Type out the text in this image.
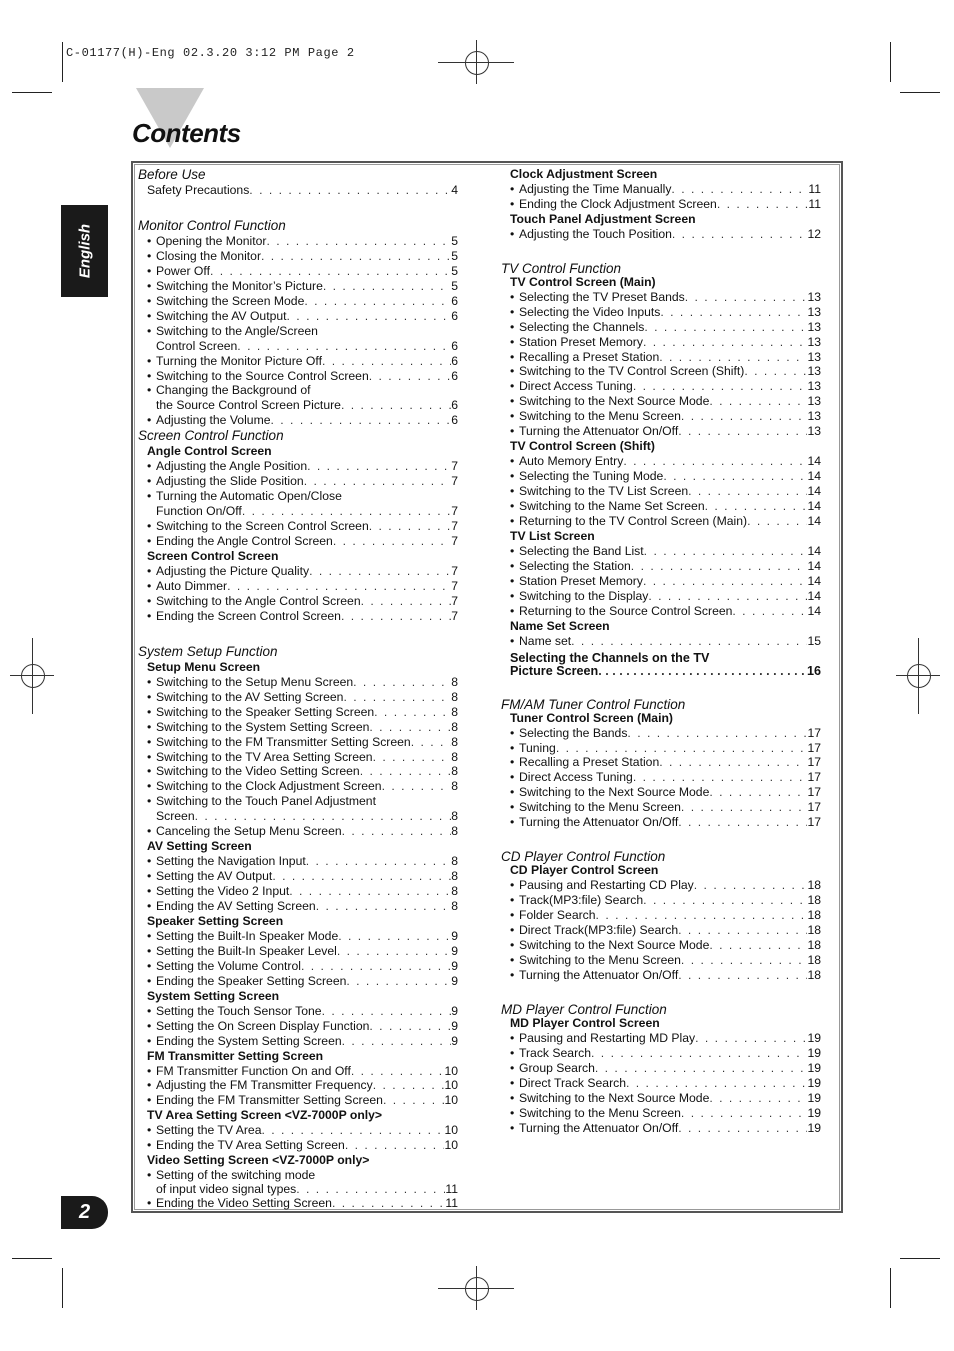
C-01177(H)-Eng 02.3.20 3:12 PM Page 2
Contents
English
Before Use
Safety Precautions . . .	4
Monitor Control Function
• Opening the Monitor . . .	5
• Closing the Monitor . . .	5
• Power Off . . .	5
• Switching the Monitor’s Picture . . .	5
• Switching the Screen Mode . . .	6
• Switching the AV Output . . .	6
• Switching to the Angle/Screen
Control Screen . . .	6
• Turning the Monitor Picture Off . . .	6
• Switching to the Source Control Screen . . .	6
• Changing the Background of
the Source Control Screen Picture . . .	6
• Adjusting the Volume . . .	6
Screen Control Function
Angle Control Screen
• Adjusting the Angle Position . . .	7
• Adjusting the Slide Position . . .	7
• Turning the Automatic Open/Close
Function On/Off . . .	7
• Switching to the Screen Control Screen . . .	7
• Ending the Angle Control Screen . . .	7
Screen Control Screen
• Adjusting the Picture Quality . . .	7
• Auto Dimmer . . .	7
• Switching to the Angle Control Screen . . .	7
• Ending the Screen Control Screen . . .	7
System Setup Function
Setup Menu Screen
• Switching to the Setup Menu Screen . . .	8
• Switching to the AV Setting Screen . . .	8
• Switching to the Speaker Setting Screen . . .	8
• Switching to the System Setting Screen . . .	8
• Switching to the FM Transmitter Setting Screen . . .	8
• Switching to the TV Area Setting Screen . . .	8
• Switching to the Video Setting Screen . . .	8
• Switching to the Clock Adjustment Screen . . .	8
• Switching to the Touch Panel Adjustment
Screen . . .	8
• Canceling the Setup Menu Screen . . .	8
AV Setting Screen
• Setting the Navigation Input . . .	8
• Setting the AV Output . . .	8
• Setting the Video 2 Input . . .	8
• Ending the AV Setting Screen . . .	8
Speaker Setting Screen
• Setting the Built-In Speaker Mode . . .	9
• Setting the Built-In Speaker Level . . .	9
• Setting the Volume Control . . .	9
• Ending the Speaker Setting Screen . . .	9
System Setting Screen
• Setting the Touch Sensor Tone . . .	9
• Setting the On Screen Display Function . . .	9
• Ending the System Setting Screen . . .	9
FM Transmitter Setting Screen
• FM Transmitter Function On and Off . . .	10
• Adjusting the FM Transmitter Frequency . . .	10
• Ending the FM Transmitter Setting Screen . . .	10
TV Area Setting Screen <VZ-7000P only>
• Setting the TV Area . . .	10
• Ending the TV Area Setting Screen . . .	10
Video Setting Screen <VZ-7000P only>
• Setting of the switching mode
of input video signal types . . .	11
• Ending the Video Setting Screen . . .	11
Clock Adjustment Screen
• Adjusting the Time Manually . . .	11
• Ending the Clock Adjustment Screen . . .	11
Touch Panel Adjustment Screen
• Adjusting the Touch Position . . .	12
TV Control Function
TV Control Screen (Main)
• Selecting the TV Preset Bands . . .	13
• Selecting the Video Inputs . . .	13
• Selecting the Channels . . .	13
• Station Preset Memory . . .	13
• Recalling a Preset Station . . .	13
• Switching to the TV Control Screen (Shift) . . .	13
• Direct Access Tuning . . .	13
• Switching to the Next Source Mode . . .	13
• Switching to the Menu Screen . . .	13
• Turning the Attenuator On/Off . . .	13
TV Control Screen (Shift)
• Auto Memory Entry . . .	14
• Selecting the Tuning Mode . . .	14
• Switching to the TV List Screen . . .	14
• Switching to the Name Set Screen . . .	14
• Returning to the TV Control Screen (Main) . . .	14
TV List Screen
• Selecting the Band List . . .	14
• Selecting the Station . . .	14
• Station Preset Memory . . .	14
• Switching to the Display . . .	14
• Returning to the Source Control Screen . . .	14
Name Set Screen
• Name set . . .	15
Selecting the Channels on the TV
Picture Screen . . .	16
FM/AM Tuner Control Function
Tuner Control Screen (Main)
• Selecting the Bands . . .	17
• Tuning . . .	17
• Recalling a Preset Station . . .	17
• Direct Access Tuning . . .	17
• Switching to the Next Source Mode . . .	17
• Switching to the Menu Screen . . .	17
• Turning the Attenuator On/Off . . .	17
CD Player Control Function
CD Player Control Screen
• Pausing and Restarting CD Play . . .	18
• Track(MP3:file) Search . . .	18
• Folder Search . . .	18
• Direct Track(MP3:file) Search . . .	18
• Switching to the Next Source Mode . . .	18
• Switching to the Menu Screen . . .	18
• Turning the Attenuator On/Off . . .	18
MD Player Control Function
MD Player Control Screen
• Pausing and Restarting MD Play . . .	19
• Track Search . . .	19
• Group Search . . .	19
• Direct Track Search . . .	19
• Switching to the Next Source Mode . . .	19
• Switching to the Menu Screen . . .	19
• Turning the Attenuator On/Off . . .	19
2
